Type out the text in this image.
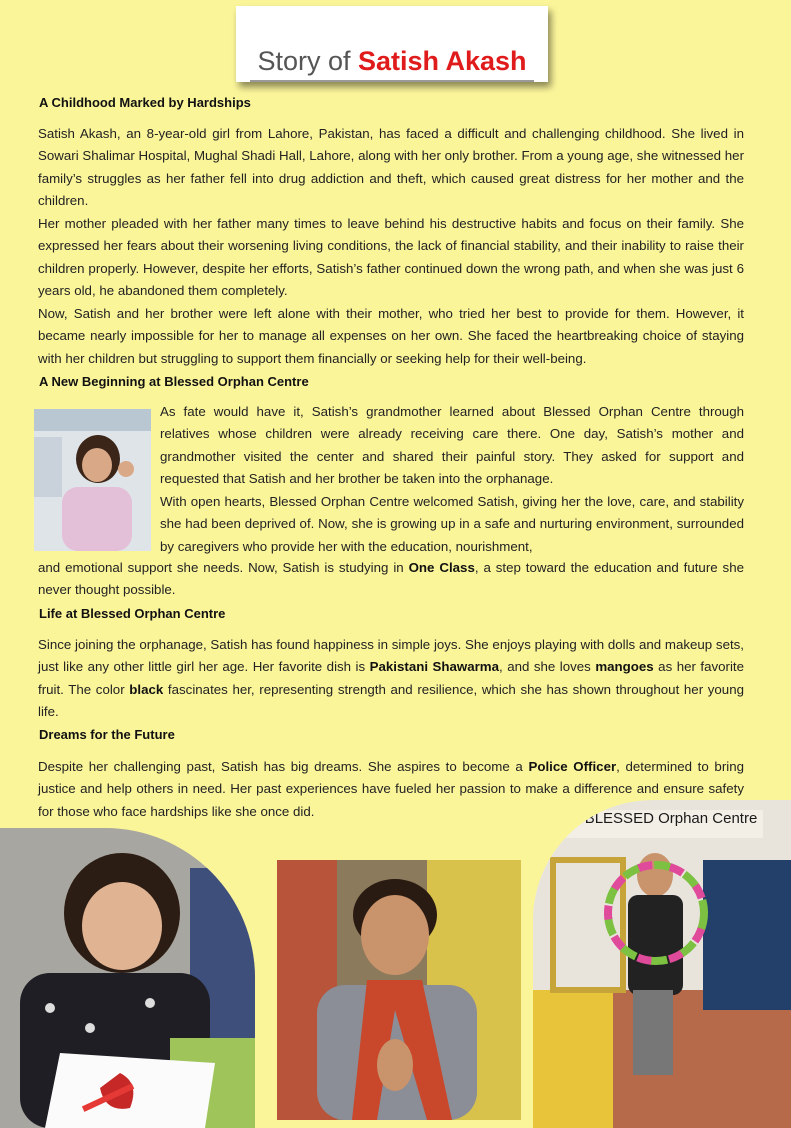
Story of Satish Akash
A Childhood Marked by Hardships

Satish Akash, an 8-year-old girl from Lahore, Pakistan, has faced a difficult and challenging childhood. She lived in Sowari Shalimar Hospital, Mughal Shadi Hall, Lahore, along with her only brother. From a young age, she witnessed her family’s struggles as her father fell into drug addiction and theft, which caused great distress for her mother and the children.

Her mother pleaded with her father many times to leave behind his destructive habits and focus on their family. She expressed her fears about their worsening living conditions, the lack of financial stability, and their inability to raise their children properly. However, despite her efforts, Satish’s father continued down the wrong path, and when she was just 6 years old, he abandoned them completely.

Now, Satish and her brother were left alone with their mother, who tried her best to provide for them. However, it became nearly impossible for her to manage all expenses on her own. She faced the heartbreaking choice of staying with her children but struggling to support them financially or seeking help for their well-being.

A New Beginning at Blessed Orphan Centre

As fate would have it, Satish’s grandmother learned about Blessed Orphan Centre through relatives whose children were already receiving care there. One day, Satish’s mother and grandmother visited the center and shared their painful story. They asked for support and requested that Satish and her brother be taken into the orphanage.

With open hearts, Blessed Orphan Centre welcomed Satish, giving her the love, care, and stability she had been deprived of. Now, she is growing up in a safe and nurturing environment, surrounded by caregivers who provide her with the education, nourishment,

and emotional support she needs. Now, Satish is studying in One Class, a step toward the education and future she never thought possible.

Life at Blessed Orphan Centre

Since joining the orphanage, Satish has found happiness in simple joys. She enjoys playing with dolls and makeup sets, just like any other little girl her age. Her favorite dish is Pakistani Shawarma, and she loves mangoes as her favorite fruit. The color black fascinates her, representing strength and resilience, which she has shown throughout her young life.

Dreams for the Future

Despite her challenging past, Satish has big dreams. She aspires to become a Police Officer, determined to bring justice and help others in need. Her past experiences have fueled her passion to make a difference and ensure safety for those who face hardships like she once did.	BLESSED Orphan Centre
